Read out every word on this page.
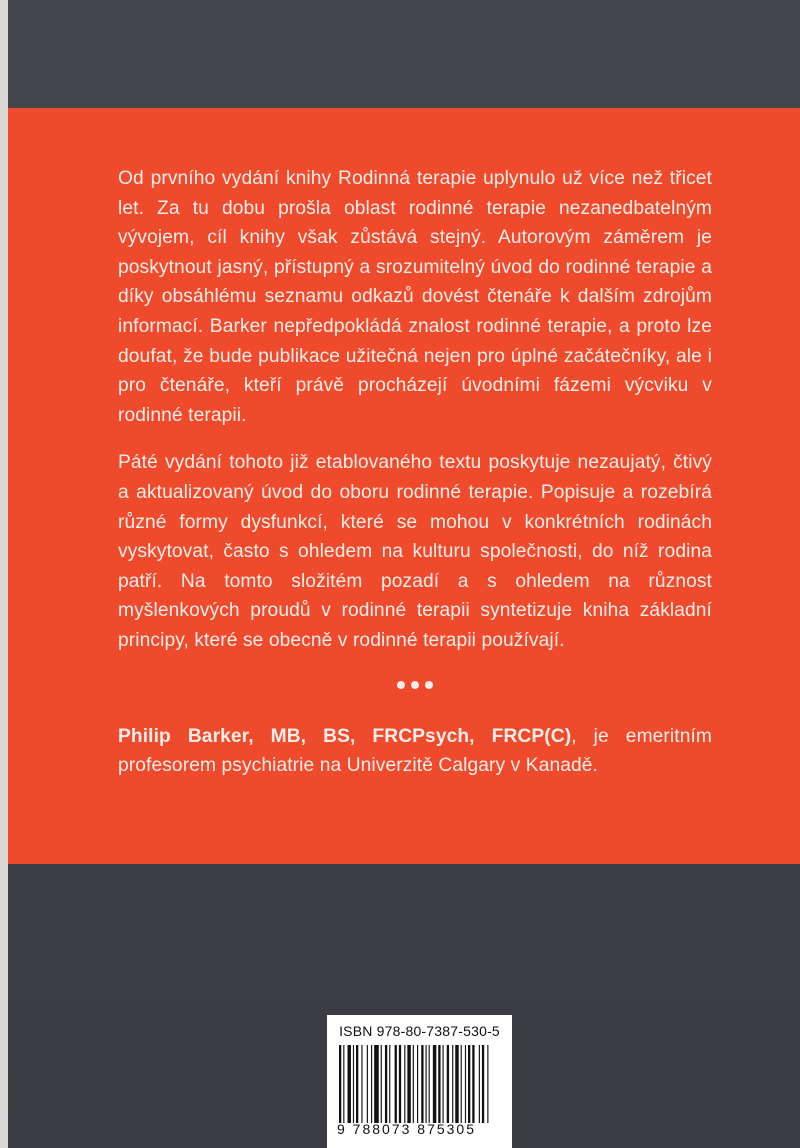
Od prvního vydání knihy Rodinná terapie uplynulo už více než třicet let. Za tu dobu prošla oblast rodinné terapie nezanedbatelným vývojem, cíl knihy však zůstává stejný. Autorovým záměrem je poskytnout jasný, přístupný a srozumitelný úvod do rodinné terapie a díky obsáhlému seznamu odkazů dovést čtenáře k dalším zdrojům informací. Barker nepředpokládá znalost rodinné terapie, a proto lze doufat, že bude publikace užitečná nejen pro úplné začátečníky, ale i pro čtenáře, kteří právě procházejí úvodními fázemi výcviku v rodinné terapii.

Páté vydání tohoto již etablovaného textu poskytuje nezaujatý, čtivý a aktualizovaný úvod do oboru rodinné terapie. Popisuje a rozebírá různé formy dysfunkcí, které se mohou v konkrétních rodinách vyskytovat, často s ohledem na kulturu společnosti, do níž rodina patří. Na tomto složitém pozadí a s ohledem na různost myšlenkových proudů v rodinné terapii syntetizuje kniha základní principy, které se obecně v rodinné terapii používají.

Philip Barker, MB, BS, FRCPsych, FRCP(C), je emeritním profesorem psychiatrie na Univerzitě Calgary v Kanadě.

ISBN 978-80-7387-530-5
9 788073 875305
